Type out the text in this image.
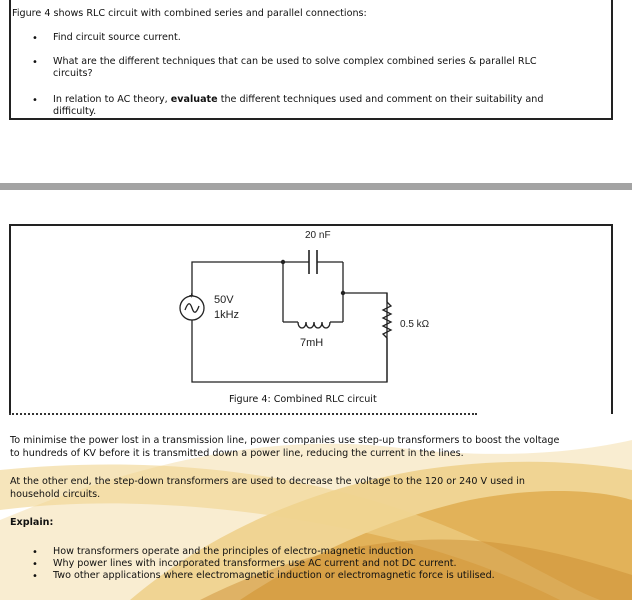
Figure 4 shows RLC circuit with combined series and parallel connections:
• Find circuit source current.
• What are the different techniques that can be used to solve complex combined series & parallel RLC
circuits?
• In relation to AC theory, evaluate the different techniques used and comment on their suitability and
difficulty.
+
20 nF
50V
1kHz
0.5 kΩ
7mH
Figure 4: Combined RLC circuit
To minimise the power lost in a transmission line, power companies use step-up transformers to boost the voltage
to hundreds of KV before it is transmitted down a power line, reducing the current in the lines.
At the other end, the step-down transformers are used to decrease the voltage to the 120 or 240 V used in
household circuits.
Explain:
• How transformers operate and the principles of electro-magnetic induction
• Why power lines with incorporated transformers use AC current and not DC current.
• Two other applications where electromagnetic induction or electromagnetic force is utilised.
